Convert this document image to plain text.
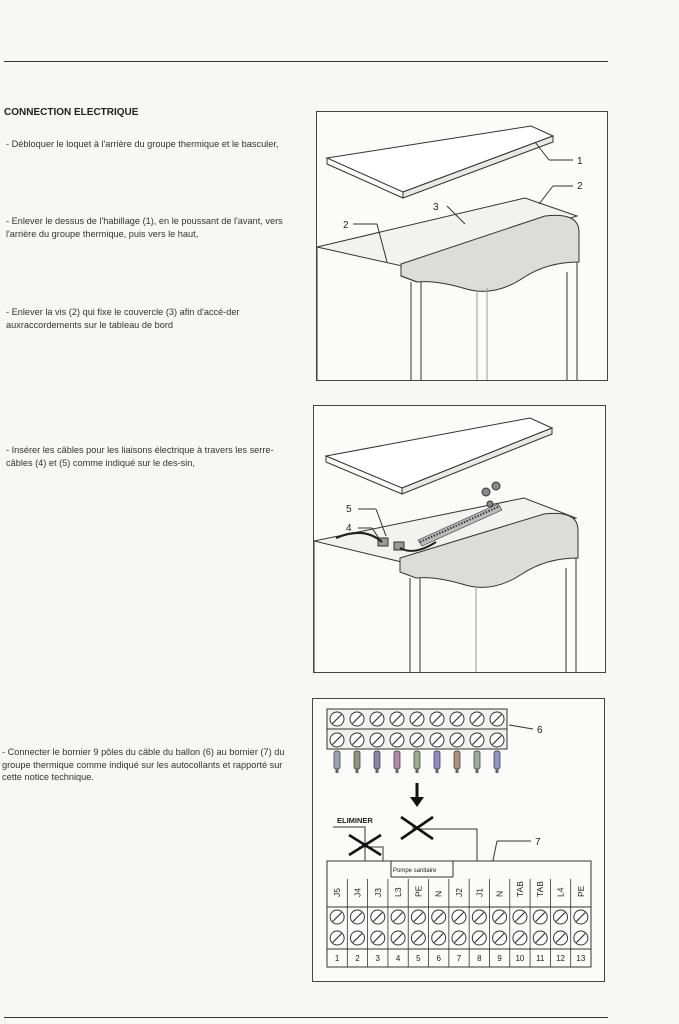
CONNECTION ELECTRIQUE
- Débloquer le loquet à l'arrière du groupe thermique et le basculer,
- Enlever le dessus de l'habillage (1), en le poussant de l'avant, vers l'arrière du groupe thermique, puis vers le haut,
- Enlever la vis (2) qui fixe le couvercle (3) afin d'accé-der auxraccordements sur le tableau de bord
- Insérer les câbles pour les liaisons électrique à travers les serre-câbles (4) et (5) comme indiqué sur le des-sin,
- Connecter le bornier 9 pôles du câble du ballon (6) au bornier (7) du groupe thermique comme indiqué sur les autocollants et rapporté sur cette notice technique.
1
2
3
2
5
4
6
ELIMINER
7
Pompe sanitaire
J5
1
J4
2
J3
3
L3
4
PE
5
N
6
J2
7
J1
8
N
9
TAB
10
TAB
11
L4
12
PE
13
